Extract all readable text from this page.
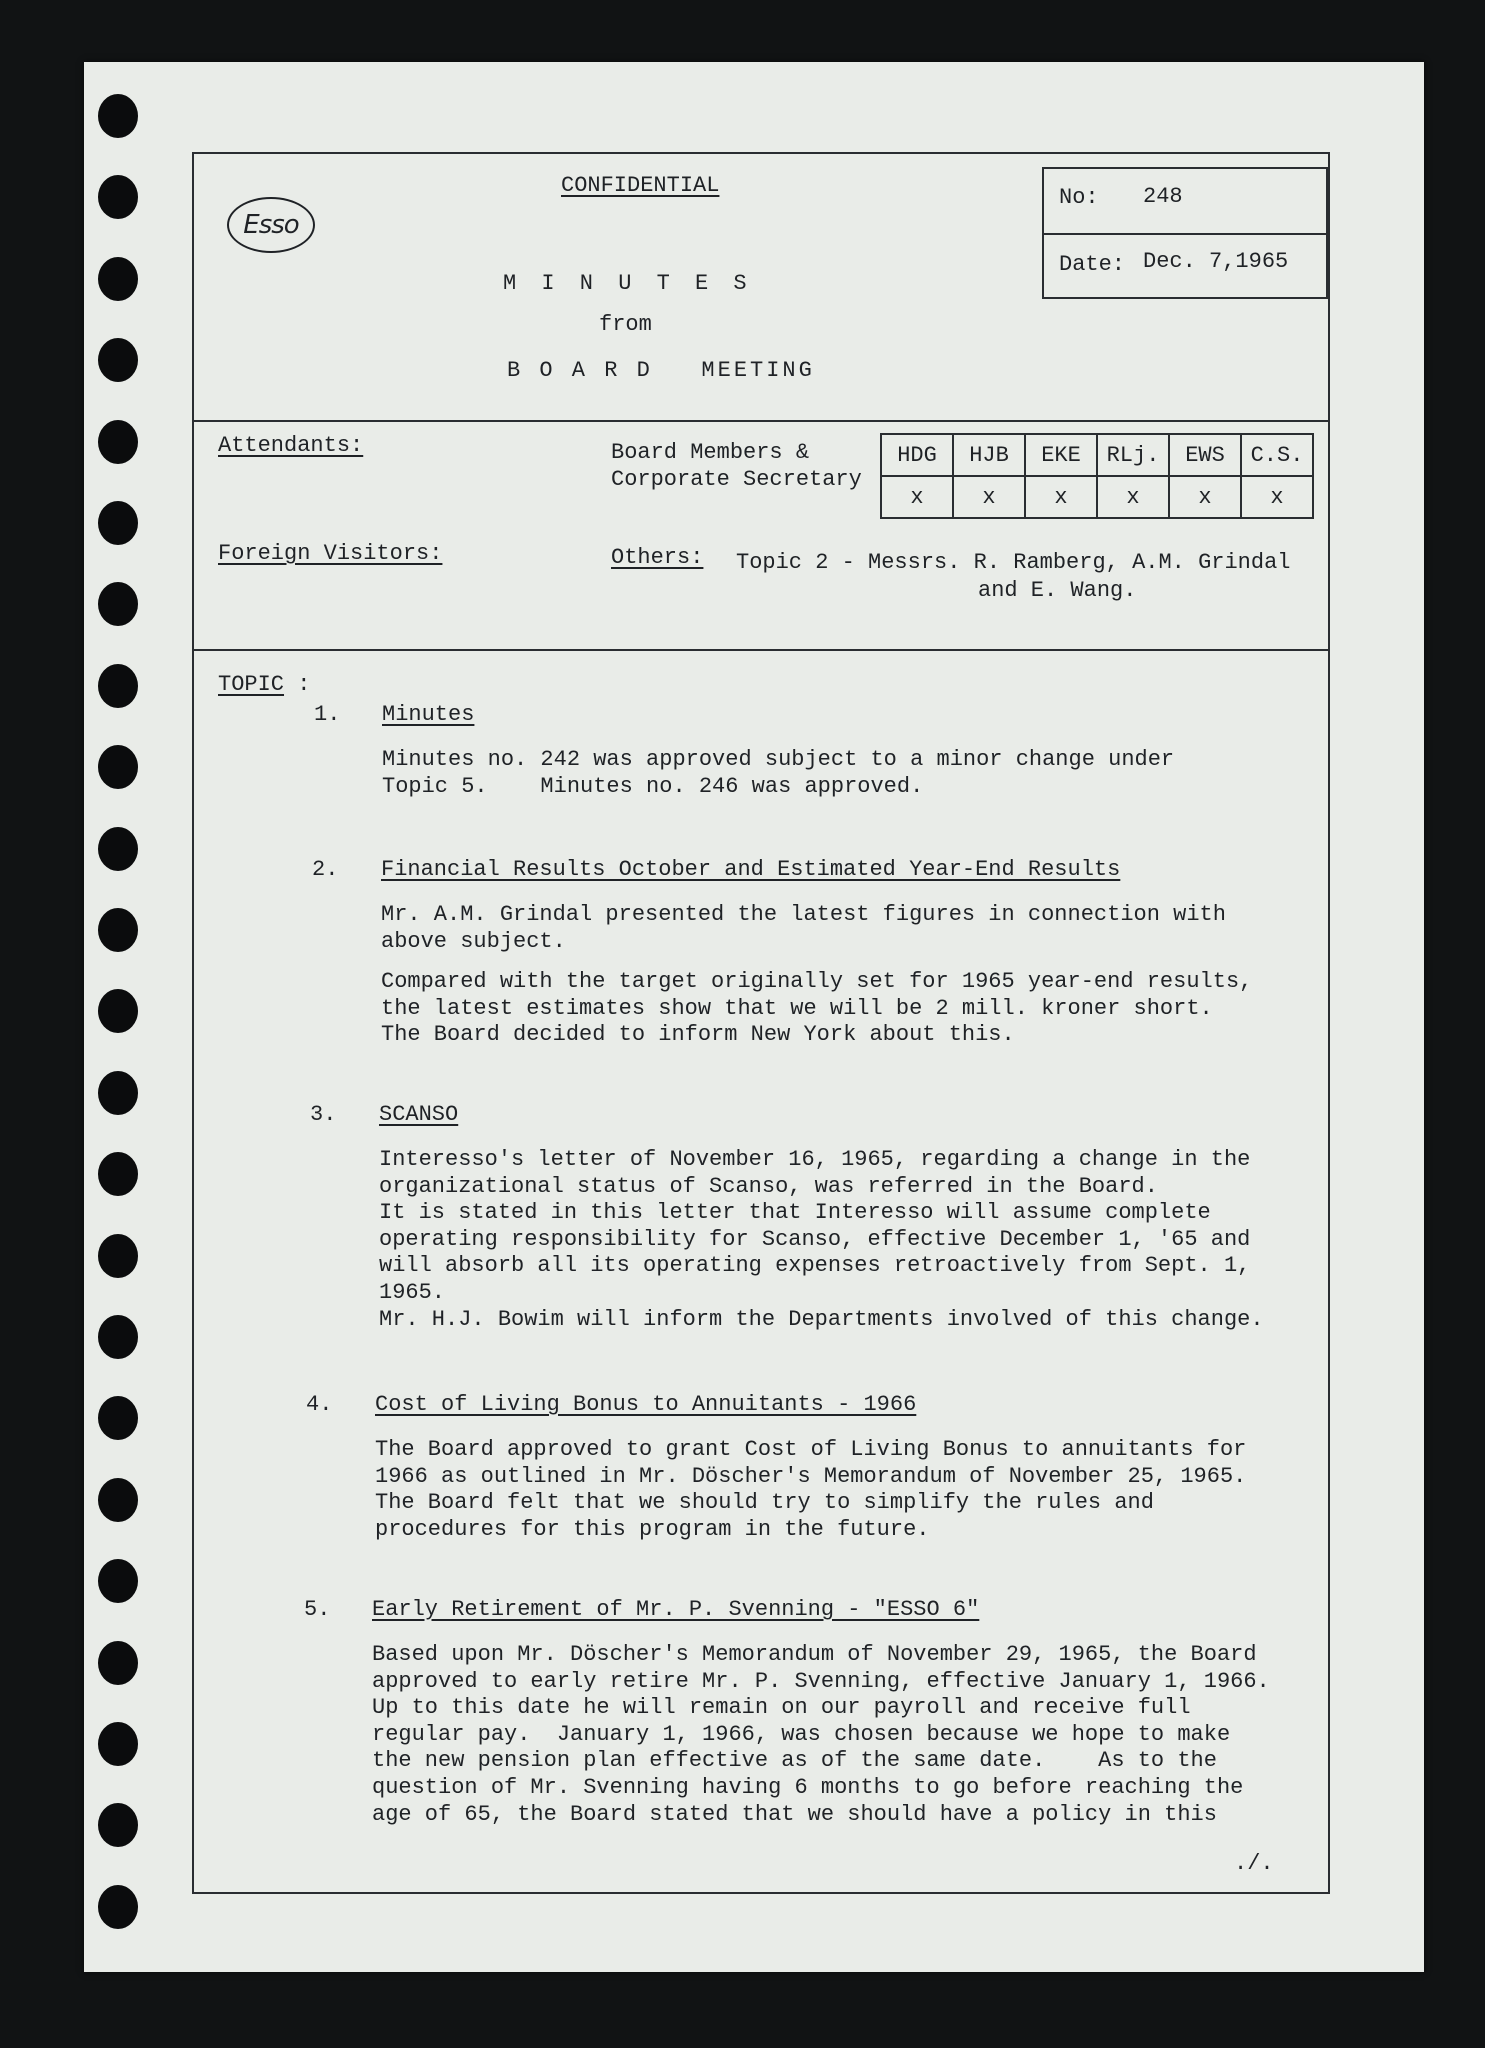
Esso
CONFIDENTIAL
M I N U T E S
from
B O A R D   MEETING
No: 248
Date: Dec. 7,1965
Attendants:	Board Members &
Corporate Secretary
HDG	HJB	EKE	RLj.	EWS	C.S.
x	x	x	x	x	x
Foreign Visitors:	Others: Topic 2 - Messrs. R. Ramberg, A.M. Grindal
and E. Wang.
TOPIC :
1. Minutes
Minutes no. 242 was approved subject to a minor change under
Topic 5.    Minutes no. 246 was approved.
2. Financial Results October and Estimated Year-End Results
Mr. A.M. Grindal presented the latest figures in connection with
above subject.
Compared with the target originally set for 1965 year-end results,
the latest estimates show that we will be 2 mill. kroner short.
The Board decided to inform New York about this.
3. SCANSO
Interesso's letter of November 16, 1965, regarding a change in the
organizational status of Scanso, was referred in the Board.
It is stated in this letter that Interesso will assume complete
operating responsibility for Scanso, effective December 1, '65 and
will absorb all its operating expenses retroactively from Sept. 1,
1965.
Mr. H.J. Bowim will inform the Departments involved of this change.
4. Cost of Living Bonus to Annuitants - 1966
The Board approved to grant Cost of Living Bonus to annuitants for
1966 as outlined in Mr. Döscher's Memorandum of November 25, 1965.
The Board felt that we should try to simplify the rules and
procedures for this program in the future.
5. Early Retirement of Mr. P. Svenning - "ESSO 6"
Based upon Mr. Döscher's Memorandum of November 29, 1965, the Board
approved to early retire Mr. P. Svenning, effective January 1, 1966.
Up to this date he will remain on our payroll and receive full
regular pay.  January 1, 1966, was chosen because we hope to make
the new pension plan effective as of the same date.    As to the
question of Mr. Svenning having 6 months to go before reaching the
age of 65, the Board stated that we should have a policy in this
./.
